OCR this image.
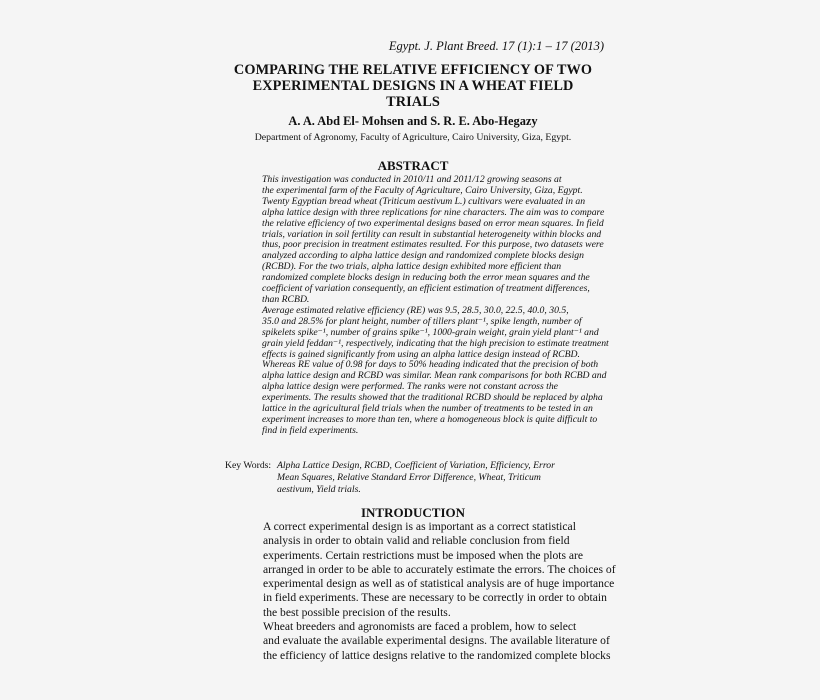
Egypt. J. Plant Breed. 17 (1):1 – 17 (2013)
COMPARING THE RELATIVE EFFICIENCY OF TWO
EXPERIMENTAL DESIGNS IN A WHEAT FIELD
TRIALS
A. A. Abd El- Mohsen and S. R. E. Abo-Hegazy
Department of Agronomy, Faculty of Agriculture, Cairo University, Giza, Egypt.
ABSTRACT

This investigation was conducted in 2010/11 and 2011/12 growing seasons at
the experimental farm of the Faculty of Agriculture, Cairo University, Giza, Egypt.
Twenty Egyptian bread wheat (Triticum aestivum L.) cultivars were evaluated in an
alpha lattice design with three replications for nine characters. The aim was to compare
the relative efficiency of two experimental designs based on error mean squares. In field
trials, variation in soil fertility can result in substantial heterogeneity within blocks and
thus, poor precision in treatment estimates resulted. For this purpose, two datasets were
analyzed according to alpha lattice design and randomized complete blocks design
(RCBD). For the two trials, alpha lattice design exhibited more efficient than
randomized complete blocks design in reducing both the error mean squares and the
coefficient of variation consequently, an efficient estimation of treatment differences,
than RCBD.

Average estimated relative efficiency (RE) was 9.5, 28.5, 30.0, 22.5, 40.0, 30.5,
35.0 and 28.5% for plant height, number of tillers plant⁻¹, spike length, number of
spikelets spike⁻¹, number of grains spike⁻¹, 1000-grain weight, grain yield plant⁻¹ and
grain yield feddan⁻¹, respectively, indicating that the high precision to estimate treatment
effects is gained significantly from using an alpha lattice design instead of RCBD.
Whereas RE value of 0.98 for days to 50% heading indicated that the precision of both
alpha lattice design and RCBD was similar. Mean rank comparisons for both RCBD and
alpha lattice design were performed. The ranks were not constant across the
experiments. The results showed that the traditional RCBD should be replaced by alpha
lattice in the agricultural field trials when the number of treatments to be tested in an
experiment increases to more than ten, where a homogeneous block is quite difficult to
find in field experiments.

Key Words: Alpha Lattice Design, RCBD, Coefficient of Variation, Efficiency, Error
Mean Squares, Relative Standard Error Difference, Wheat, Triticum
aestivum, Yield trials.
INTRODUCTION

A correct experimental design is as important as a correct statistical
analysis in order to obtain valid and reliable conclusion from field
experiments. Certain restrictions must be imposed when the plots are
arranged in order to be able to accurately estimate the errors. The choices of
experimental design as well as of statistical analysis are of huge importance
in field experiments. These are necessary to be correctly in order to obtain
the best possible precision of the results.

Wheat breeders and agronomists are faced a problem, how to select
and evaluate the available experimental designs. The available literature of
the efficiency of lattice designs relative to the randomized complete blocks
